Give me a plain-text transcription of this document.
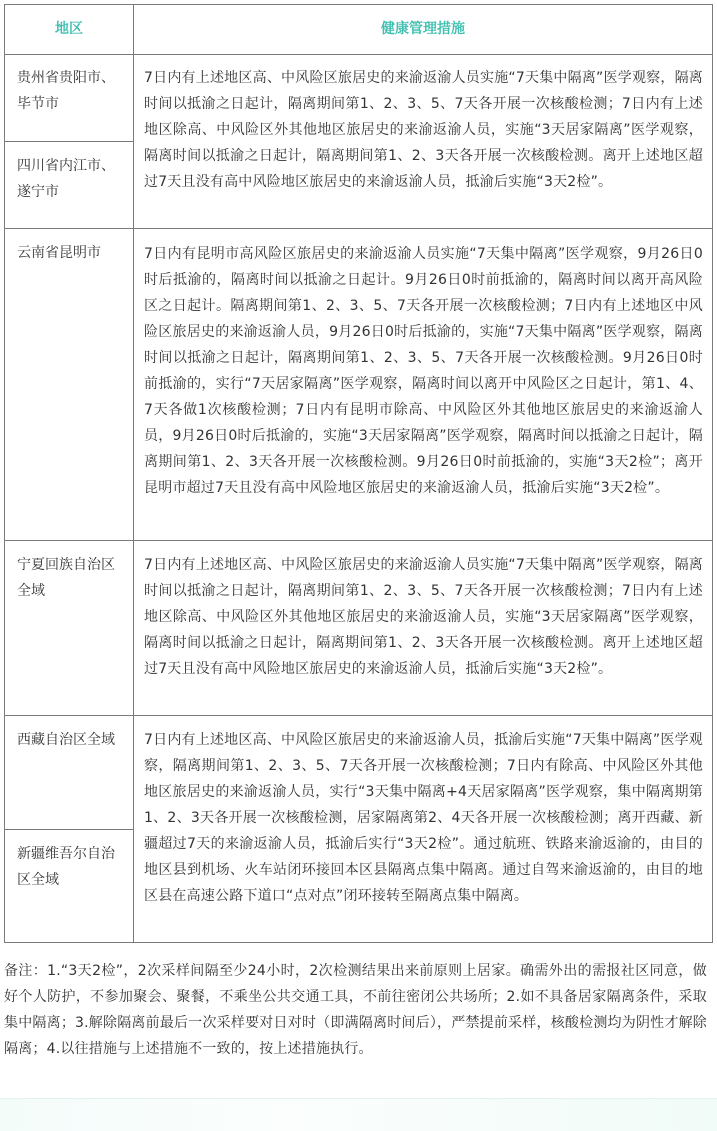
地区	健康管理措施
贵州省贵阳市、毕节市
四川省内江市、遂宁市
7日内有上述地区高、中风险区旅居史的来渝返渝人员实施“7天集中隔离”医学观察，隔离时间以抵渝之日起计，隔离期间第1、2、3、5、7天各开展一次核酸检测；7日内有上述地区除高、中风险区外其他地区旅居史的来渝返渝人员，实施“3天居家隔离”医学观察，隔离时间以抵渝之日起计，隔离期间第1、2、3天各开展一次核酸检测。离开上述地区超过7天且没有高中风险地区旅居史的来渝返渝人员，抵渝后实施“3天2检”。
云南省昆明市	7日内有昆明市高风险区旅居史的来渝返渝人员实施“7天集中隔离”医学观察，9月26日0时后抵渝的，隔离时间以抵渝之日起计。9月26日0时前抵渝的，隔离时间以离开高风险区之日起计。隔离期间第1、2、3、5、7天各开展一次核酸检测；7日内有上述地区中风险区旅居史的来渝返渝人员，9月26日0时后抵渝的，实施“7天集中隔离”医学观察，隔离时间以抵渝之日起计，隔离期间第1、2、3、5、7天各开展一次核酸检测。9月26日0时前抵渝的，实行“7天居家隔离”医学观察，隔离时间以离开中风险区之日起计，第1、4、7天各做1次核酸检测；7日内有昆明市除高、中风险区外其他地区旅居史的来渝返渝人员，9月26日0时后抵渝的，实施“3天居家隔离”医学观察，隔离时间以抵渝之日起计，隔离期间第1、2、3天各开展一次核酸检测。9月26日0时前抵渝的，实施“3天2检”；离开昆明市超过7天且没有高中风险地区旅居史的来渝返渝人员，抵渝后实施“3天2检”。
宁夏回族自治区全域
7日内有上述地区高、中风险区旅居史的来渝返渝人员实施“7天集中隔离”医学观察，隔离时间以抵渝之日起计，隔离期间第1、2、3、5、7天各开展一次核酸检测；7日内有上述地区除高、中风险区外其他地区旅居史的来渝返渝人员，实施“3天居家隔离”医学观察，隔离时间以抵渝之日起计，隔离期间第1、2、3天各开展一次核酸检测。离开上述地区超过7天且没有高中风险地区旅居史的来渝返渝人员，抵渝后实施“3天2检”。
西藏自治区全域
新疆维吾尔自治区全域
7日内有上述地区高、中风险区旅居史的来渝返渝人员，抵渝后实施“7天集中隔离”医学观察，隔离期间第1、2、3、5、7天各开展一次核酸检测；7日内有除高、中风险区外其他地区旅居史的来渝返渝人员，实行“3天集中隔离+4天居家隔离”医学观察，集中隔离期第1、2、3天各开展一次核酸检测，居家隔离第2、4天各开展一次核酸检测；离开西藏、新疆超过7天的来渝返渝人员，抵渝后实行“3天2检”。通过航班、铁路来渝返渝的，由目的地区县到机场、火车站闭环接回本区县隔离点集中隔离。通过自驾来渝返渝的，由目的地区县在高速公路下道口“点对点”闭环接转至隔离点集中隔离。
备注：1.“3天2检”，2次采样间隔至少24小时，2次检测结果出来前原则上居家。确需外出的需报社区同意，做好个人防护，不参加聚会、聚餐，不乘坐公共交通工具，不前往密闭公共场所；2.如不具备居家隔离条件，采取集中隔离；3.解除隔离前最后一次采样要对日对时（即满隔离时间后），严禁提前采样，核酸检测均为阴性才解除隔离；4.以往措施与上述措施不一致的，按上述措施执行。
